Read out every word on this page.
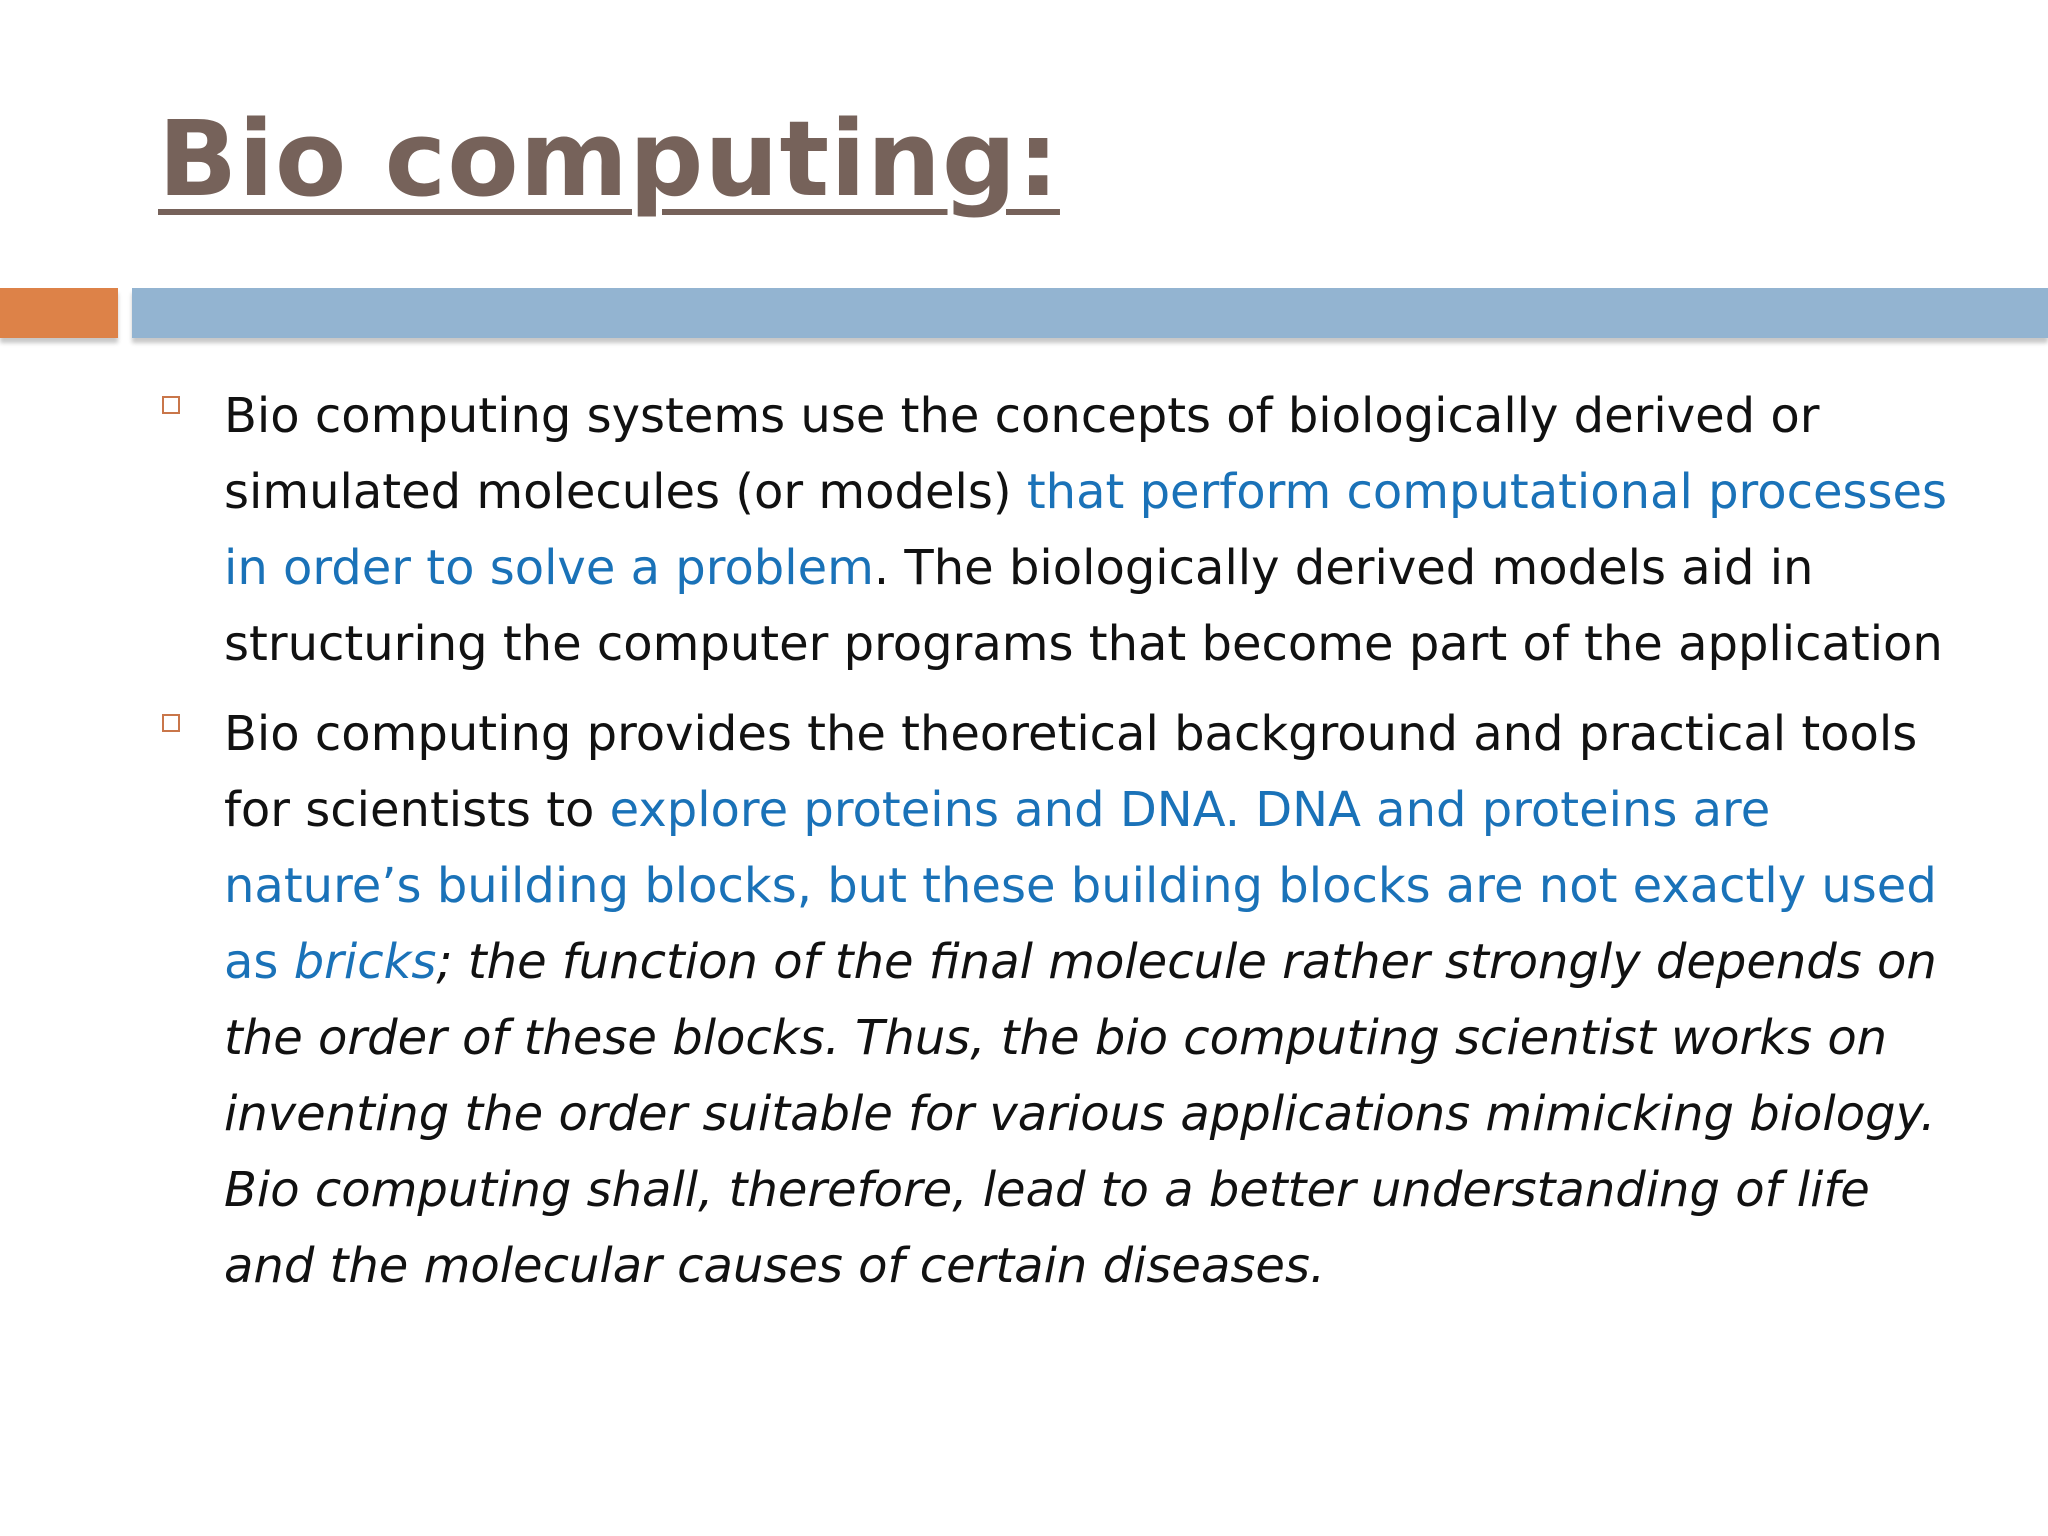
Bio computing:
Bio computing systems use the concepts of biologically derived or simulated molecules (or models) that perform computational processes in order to solve a problem. The biologically derived models aid in structuring the computer programs that become part of the application
Bio computing provides the theoretical background and practical tools for scientists to explore proteins and DNA. DNA and proteins are nature’s building blocks, but these building blocks are not exactly used as bricks; the function of the final molecule rather strongly depends on the order of these blocks. Thus, the bio computing scientist works on inventing the order suitable for various applications mimicking biology. Bio computing shall, therefore, lead to a better understanding of life and the molecular causes of certain diseases.
